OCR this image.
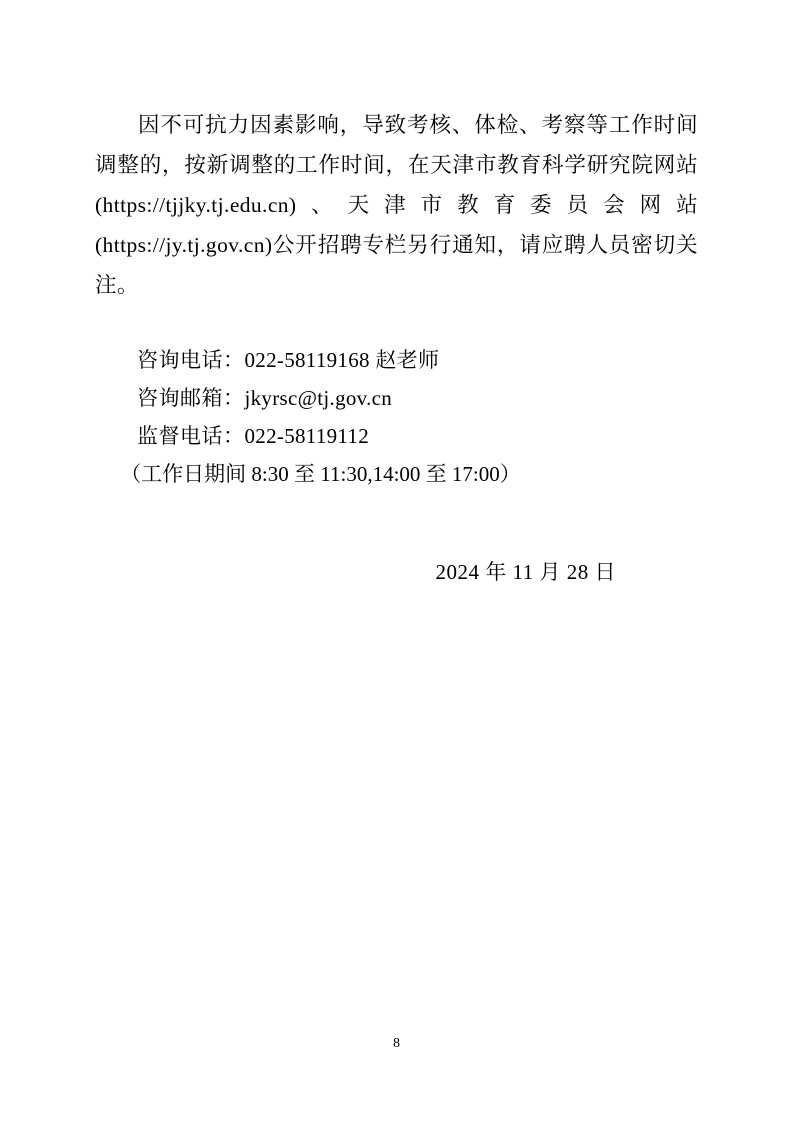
因不可抗力因素影响，导致考核、体检、考察等工作时间调整的，按新调整的工作时间，在天津市教育科学研究院网站(https://tjjky.tj.edu.cn)、天津市教育委员会网站(https://jy.tj.gov.cn)公开招聘专栏另行通知，请应聘人员密切关注。

咨询电话：022-58119168 赵老师

咨询邮箱：jkyrsc@tj.gov.cn

监督电话：022-58119112

（工作日期间 8:30 至 11:30,14:00 至 17:00）

2024 年 11 月 28 日

8
